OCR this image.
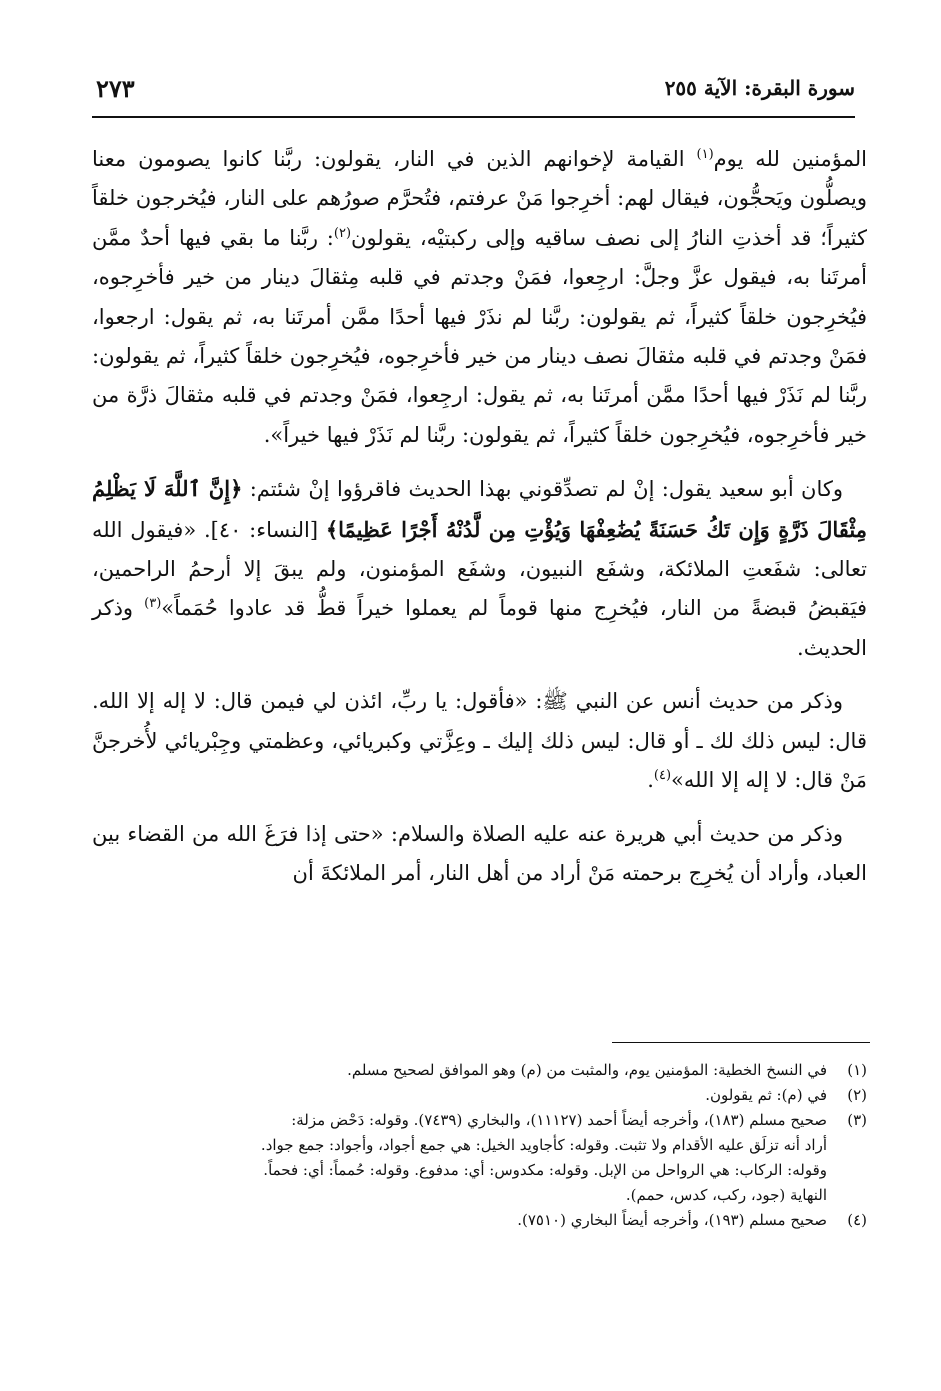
سورة البقرة: الآية ٢٥٥
٢٧٣

المؤمنين لله يوم$^{(١)}$ القيامة لإخوانهم الذين في النار، يقولون: ربَّنا كانوا يصومون معنا ويصلُّون ويَحجُّون، فيقال لهم: أخرِجوا مَنْ عرفتم، فتُحرَّم صورُهم على النار، فيُخرجون خلقاً كثيراً؛ قد أخذتِ النارُ إلى نصف ساقيه وإلى ركبتيْه، يقولون$^{(٢)}$: ربَّنا ما بقي فيها أحدٌ ممَّن أمرتَنا به، فيقول عزَّ وجلَّ: ارجِعوا، فمَنْ وجدتم في قلبه مِثقالَ دينار من خير فأخرِجوه، فيُخرِجون خلقاً كثيراً، ثم يقولون: ربَّنا لم نذَرْ فيها أحدًا ممَّن أمرتَنا به، ثم يقول: ارجعوا، فمَنْ وجدتم في قلبه مثقالَ نصف دينار من خير فأخرِجوه، فيُخرِجون خلقاً كثيراً، ثم يقولون: ربَّنا لم نَذَرْ فيها أحدًا ممَّن أمرتَنا به، ثم يقول: ارجِعوا، فمَنْ وجدتم في قلبه مثقالَ ذرَّة من خير فأخرِجوه، فيُخرِجون خلقاً كثيراً، ثم يقولون: ربَّنا لم نَذَرْ فيها خيراً».

وكان أبو سعيد يقول: إنْ لم تصدِّقوني بهذا الحديث فاقرؤوا إنْ شئتم: ﴿إِنَّ ٱللَّهَ لَا يَظْلِمُ مِثْقَالَ ذَرَّةٍ وَإِن تَكُ حَسَنَةً يُضَٰعِفْهَا وَيُؤْتِ مِن لَّدُنْهُ أَجْرًا عَظِيمًا﴾ [النساء: ٤٠]. «فيقول الله تعالى: شفَعتِ الملائكة، وشفَع النبيون، وشفَع المؤمنون، ولم يبقَ إلا أرحمُ الراحمين، فيَقبضُ قبضةً من النار، فيُخرِج منها قوماً لم يعملوا خيراً قطُّ قد عادوا حُمَماً»$^{(٣)}$ وذكر الحديث.

وذكر من حديث أنس عن النبي ﷺ: «فأقول: يا ربِّ، ائذن لي فيمن قال: لا إله إلا الله. قال: ليس ذلك لك ـ أو قال: ليس ذلك إليك ـ وعِزَّتي وكبريائي، وعظمتي وجِبْريائي لأُخرجنَّ مَنْ قال: لا إله إلا الله»$^{(٤)}$.

وذكر من حديث أبي هريرة عنه عليه الصلاة والسلام: «حتى إذا فرَغَ الله من القضاء بين العباد، وأراد أن يُخرِج برحمته مَنْ أراد من أهل النار، أمر الملائكةَ أن

(١)
في النسخ الخطية: المؤمنين يوم، والمثبت من (م) وهو الموافق لصحيح مسلم.
(٢)
في (م): ثم يقولون.
(٣)
صحيح مسلم (١٨٣)، وأخرجه أيضاً أحمد (١١١٢٧)، والبخاري (٧٤٣٩). وقوله: دَحْض مزلة:
أراد أنه تزلَق عليه الأقدام ولا تثبت. وقوله: كأجاويد الخيل: هي جمع أجواد، وأجواد: جمع جواد.
وقوله: الركاب: هي الرواحل من الإبل. وقوله: مكدوس: أي: مدفوع. وقوله: حُمماً: أي: فحماً.
النهاية (جود، ركب، كدس، حمم).
(٤)
صحيح مسلم (١٩٣)، وأخرجه أيضاً البخاري (٧٥١٠).
